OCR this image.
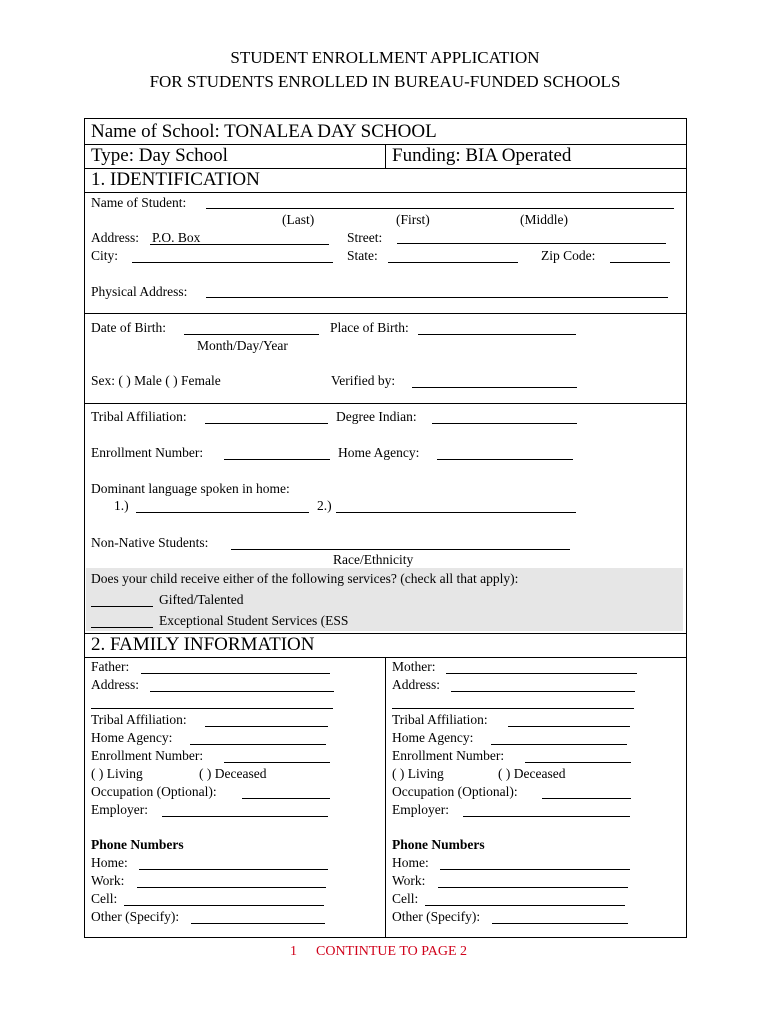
STUDENT ENROLLMENT APPLICATION
FOR STUDENTS ENROLLED IN BUREAU-FUNDED SCHOOLS
Name of School: TONALEA DAY SCHOOL
Type: Day School	Funding: BIA Operated
1. IDENTIFICATION
Name of Student:
(Last)	(First)	(Middle)
Address: P.O. Box	Street:
City:	State:	Zip Code:
Physical Address:
Date of Birth:	Place of Birth:
Month/Day/Year
Sex: ( ) Male ( ) Female	Verified by:
Tribal Affiliation:	Degree Indian:
Enrollment Number:	Home Agency:
Dominant language spoken in home:
1.)	2.)
Non-Native Students:
Race/Ethnicity
Does your child receive either of the following services? (check all that apply):
Gifted/Talented
Exceptional Student Services (ESS
2. FAMILY INFORMATION
Father:
Address:
Tribal Affiliation:
Home Agency:
Enrollment Number:
( ) Living	( ) Deceased
Occupation (Optional):
Employer:
Phone Numbers
Home:
Work:
Cell:
Other (Specify):
Mother:
Address:
Tribal Affiliation:
Home Agency:
Enrollment Number:
( ) Living	( ) Deceased
Occupation (Optional):
Employer:
Phone Numbers
Home:
Work:
Cell:
Other (Specify):
1 CONTINTUE TO PAGE 2
